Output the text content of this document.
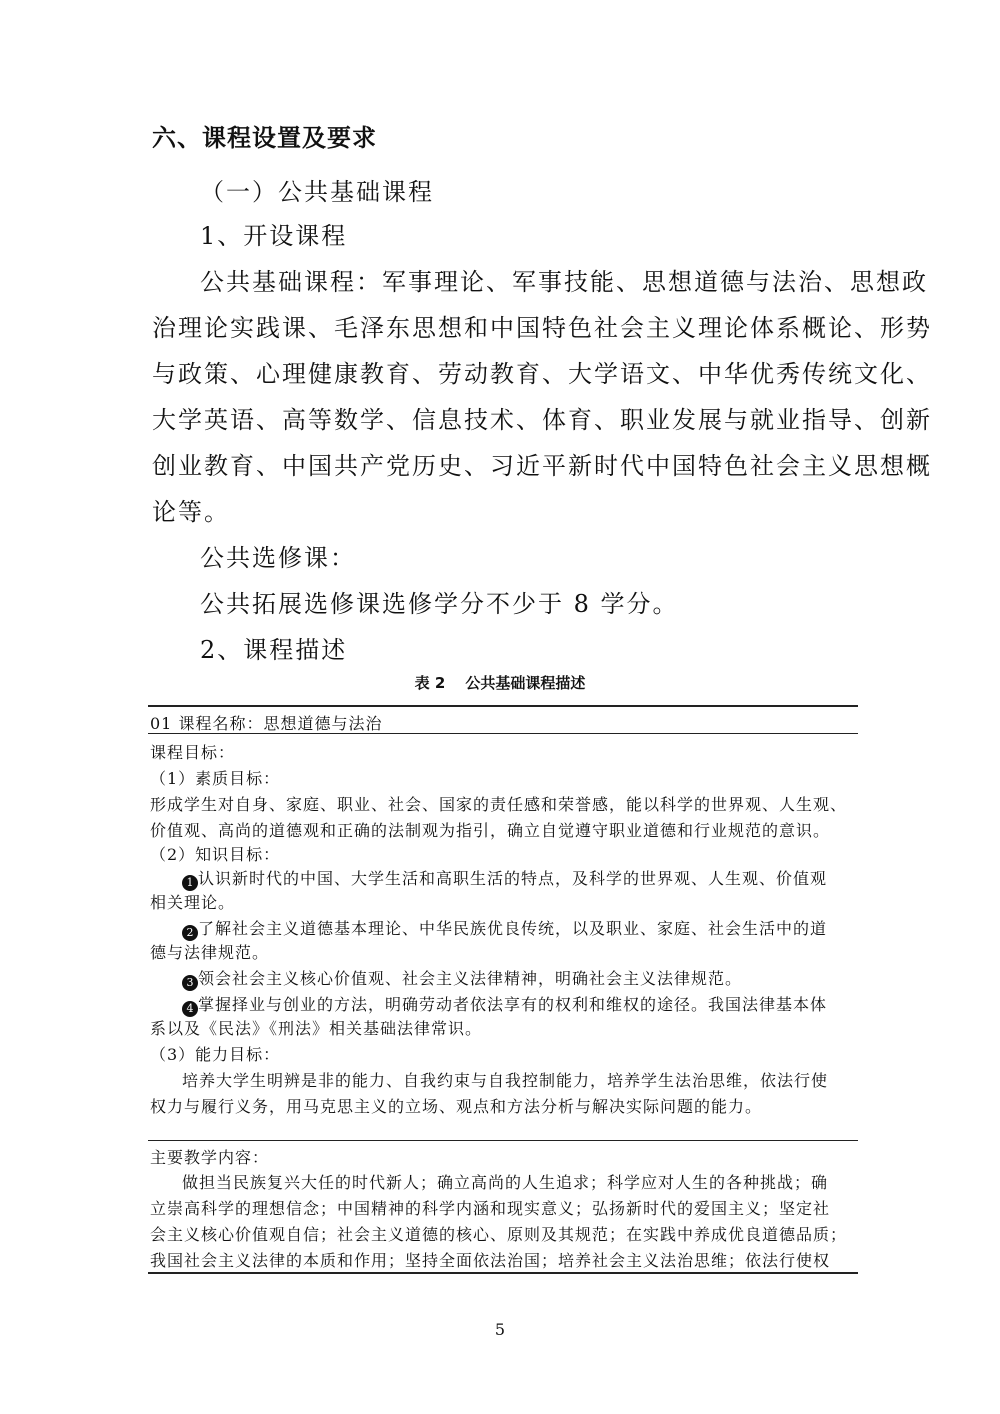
六、课程设置及要求
（一）公共基础课程
1、开设课程
公共基础课程：军事理论、军事技能、思想道德与法治、思想政
治理论实践课、毛泽东思想和中国特色社会主义理论体系概论、形势
与政策、心理健康教育、劳动教育、大学语文、中华优秀传统文化、
大学英语、高等数学、信息技术、体育、职业发展与就业指导、创新
创业教育、中国共产党历史、习近平新时代中国特色社会主义思想概
论等。
公共选修课：
公共拓展选修课选修学分不少于 8 学分。
2、课程描述
表 2 公共基础课程描述
01 课程名称：思想道德与法治
课程目标：
（1）素质目标：
形成学生对自身、家庭、职业、社会、国家的责任感和荣誉感，能以科学的世界观、人生观、
价值观、高尚的道德观和正确的法制观为指引，确立自觉遵守职业道德和行业规范的意识。
（2）知识目标：
1 认识新时代的中国、大学生活和高职生活的特点，及科学的世界观、人生观、价值观
相关理论。
2 了解社会主义道德基本理论、中华民族优良传统，以及职业、家庭、社会生活中的道
德与法律规范。
3 领会社会主义核心价值观、社会主义法律精神，明确社会主义法律规范。
4 掌握择业与创业的方法，明确劳动者依法享有的权利和维权的途径。我国法律基本体
系以及《民法》《刑法》相关基础法律常识。
（3）能力目标：
培养大学生明辨是非的能力、自我约束与自我控制能力，培养学生法治思维，依法行使
权力与履行义务，用马克思主义的立场、观点和方法分析与解决实际问题的能力。
主要教学内容：
做担当民族复兴大任的时代新人；确立高尚的人生追求；科学应对人生的各种挑战；确
立崇高科学的理想信念；中国精神的科学内涵和现实意义；弘扬新时代的爱国主义；坚定社
会主义核心价值观自信；社会主义道德的核心、原则及其规范；在实践中养成优良道德品质；
我国社会主义法律的本质和作用；坚持全面依法治国；培养社会主义法治思维；依法行使权
5
